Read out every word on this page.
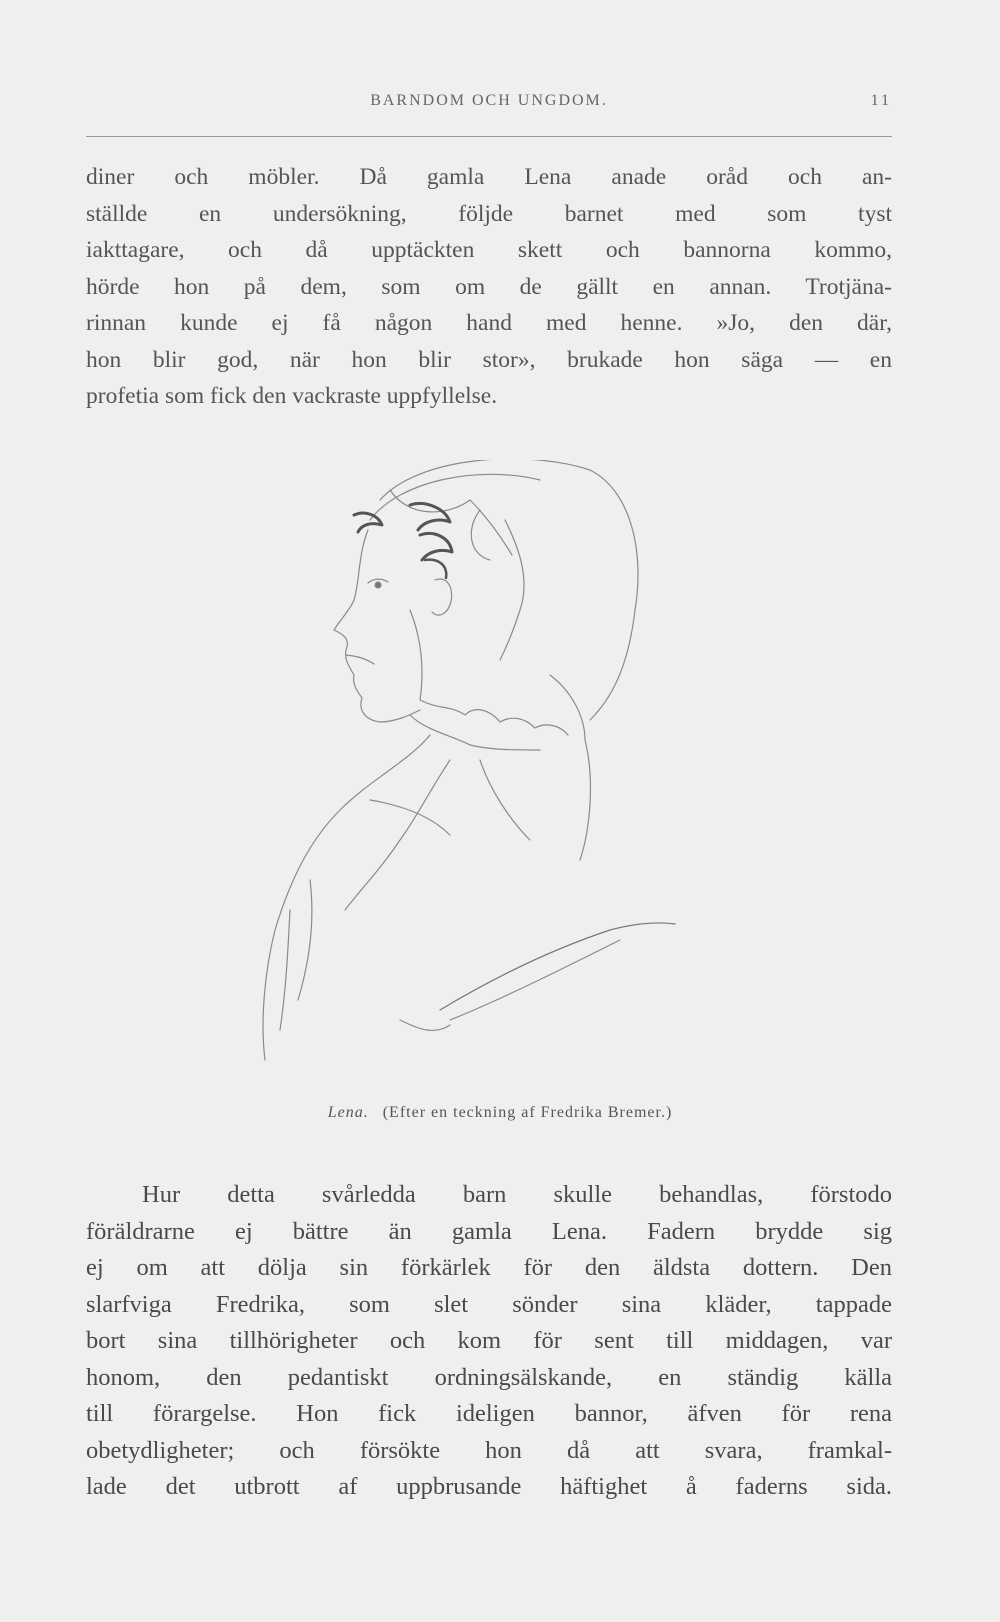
BARNDOM OCH UNGDOM.	11
diner och möbler. Då gamla Lena anade oråd och an-
ställde en undersökning, följde barnet med som tyst
iakttagare, och då upptäckten skett och bannorna kommo,
hörde hon på dem, som om de gällt en annan. Trotjäna-
rinnan kunde ej få någon hand med henne. »Jo, den där,
hon blir god, när hon blir stor», brukade hon säga — en
profetia som fick den vackraste uppfyllelse.
Lena. (Efter en teckning af Fredrika Bremer.)
Hur detta svårledda barn skulle behandlas, förstodo
föräldrarne ej bättre än gamla Lena. Fadern brydde sig
ej om att dölja sin förkärlek för den äldsta dottern. Den
slarfviga Fredrika, som slet sönder sina kläder, tappade
bort sina tillhörigheter och kom för sent till middagen, var
honom, den pedantiskt ordningsälskande, en ständig källa
till förargelse. Hon fick ideligen bannor, äfven för rena
obetydligheter; och försökte hon då att svara, framkal-
lade det utbrott af uppbrusande häftighet å faderns sida.
